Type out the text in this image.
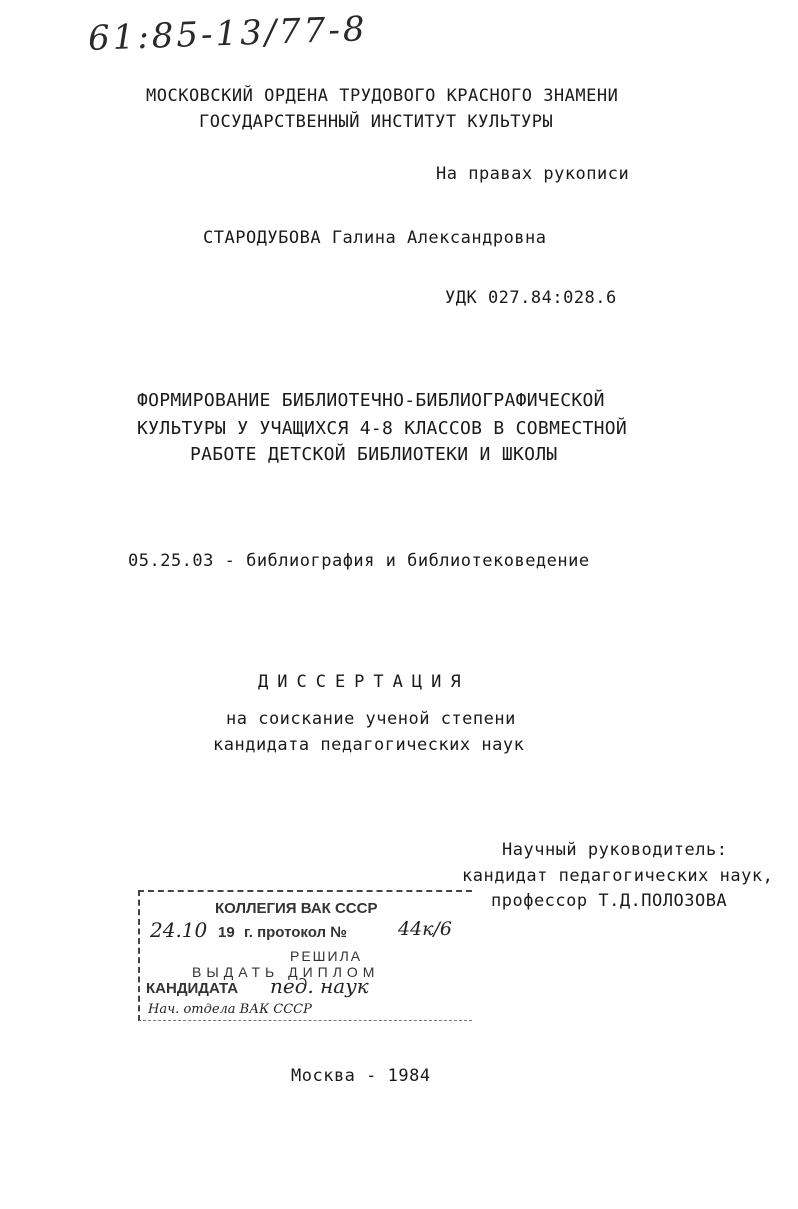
61:85-13/77-8
МОСКОВСКИЙ ОРДЕНА ТРУДОВОГО КРАСНОГО ЗНАМЕНИ
ГОСУДАРСТВЕННЫЙ ИНСТИТУТ КУЛЬТУРЫ
На правах рукописи
СТАРОДУБОВА Галина Александровна
УДК 027.84:028.6
ФОРМИРОВАНИЕ БИБЛИОТЕЧНО-БИБЛИОГРАФИЧЕСКОЙ
КУЛЬТУРЫ У УЧАЩИХСЯ 4-8 КЛАССОВ В СОВМЕСТНОЙ
РАБОТЕ ДЕТСКОЙ БИБЛИОТЕКИ И ШКОЛЫ
05.25.03 - библиография и библиотековедение
ДИССЕРТАЦИЯ
на соискание ученой степени
кандидата педагогических наук
Научный руководитель:
кандидат педагогических наук,
профессор Т.Д.ПОЛОЗОВА
КОЛЛЕГИЯ ВАК СССР
24.10 19 г. протокол №	44к/6
РЕШИЛА
ВЫДАТЬ ДИПЛОМ
КАНДИДАТА пед. наук
Нач. отдела ВАК СССР
Москва - 1984
